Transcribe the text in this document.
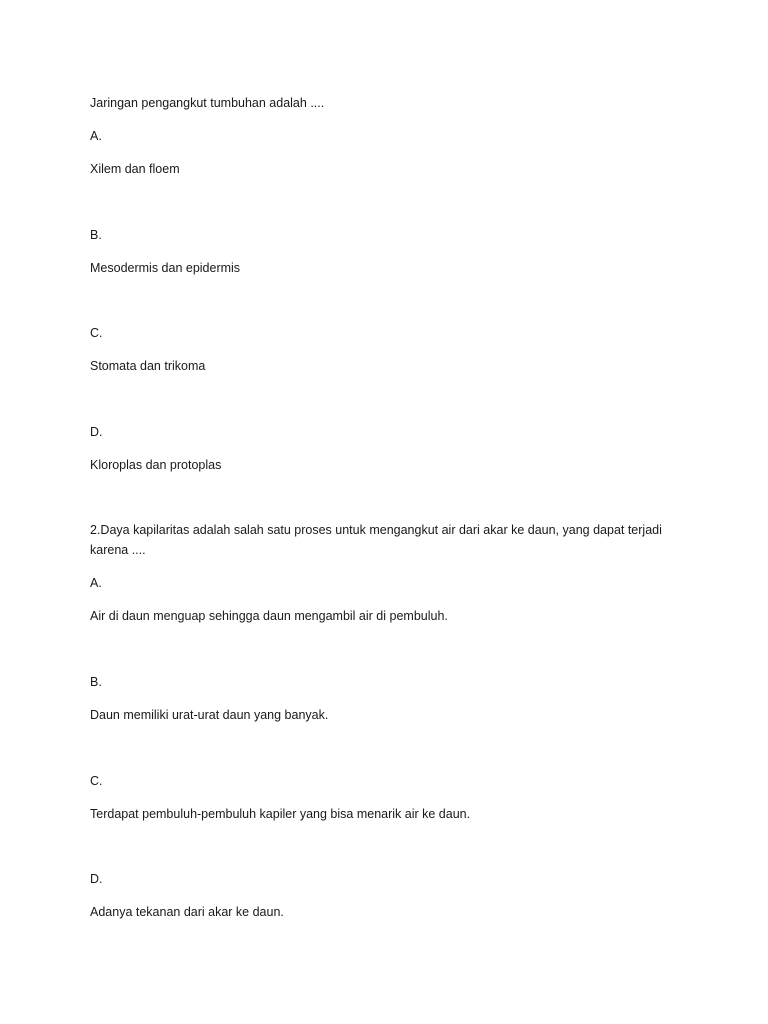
Jaringan pengangkut tumbuhan adalah ....
A.
Xilem dan floem
B.
Mesodermis dan epidermis
C.
Stomata dan trikoma
D.
Kloroplas dan protoplas
2.Daya kapilaritas adalah salah satu proses untuk mengangkut air dari akar ke daun, yang dapat terjadi karena ....
A.
Air di daun menguap sehingga daun mengambil air di pembuluh.
B.
Daun memiliki urat-urat daun yang banyak.
C.
Terdapat pembuluh-pembuluh kapiler yang bisa menarik air ke daun.
D.
Adanya tekanan dari akar ke daun.
